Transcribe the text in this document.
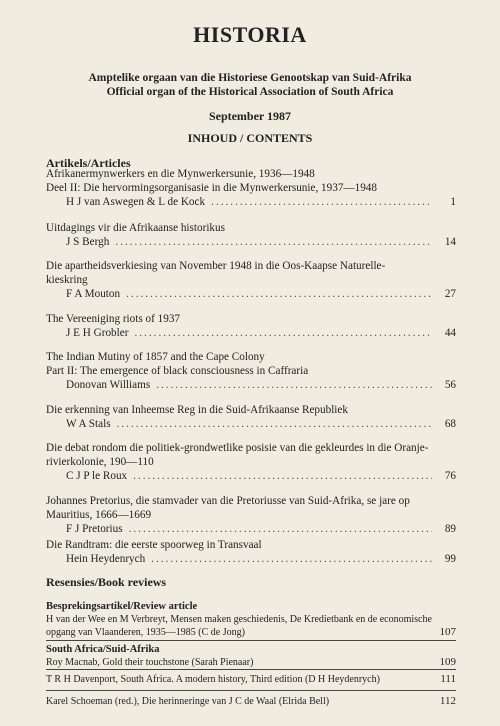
HISTORIA
Amptelike orgaan van die Historiese Genootskap van Suid-Afrika
Official organ of the Historical Association of South Africa
September 1987
INHOUD / CONTENTS
Artikels/Articles
Afrikanermynwerkers en die Mynwerkersunie, 1936—1948
Deel II: Die hervormingsorganisasie in die Mynwerkersunie, 1937—1948
H J van Aswegen & L de Kock .....	1
Uitdagings vir die Afrikaanse historikus
J S Bergh .....	14
Die apartheidsverkiesing van November 1948 in die Oos-Kaapse Naturelle-
kieskring
F A Mouton .....	27
The Vereeniging riots of 1937
J E H Grobler .....	44
The Indian Mutiny of 1857 and the Cape Colony
Part II: The emergence of black consciousness in Caffraria
Donovan Williams .....	56
Die erkenning van Inheemse Reg in die Suid-Afrikaanse Republiek
W A Stals .....	68
Die debat rondom die politiek-grondwetlike posisie van die gekleurdes in die Oranje-
rivierkolonie, 190—110
C J P le Roux .....	76
Johannes Pretorius, die stamvader van die Pretoriusse van Suid-Afrika, se jare op
Mauritius, 1666—1669
F J Pretorius .....	89
Die Randtram: die eerste spoorweg in Transvaal
Hein Heydenrych .....	99
Resensies/Book reviews
Besprekingsartikel/Review article
H van der Wee en M Verbreyt, Mensen maken geschiedenis, De Kredietbank en de economische
opgang van Vlaanderen, 1935—1985 (C de Jong)	107
South Africa/Suid-Afrika
Roy Macnab, Gold their touchstone (Sarah Pienaar)	109
T R H Davenport, South Africa. A modern history, Third edition (D H Heydenrych)	111
Karel Schoeman (red.), Die herinneringe van J C de Waal (Elrida Bell)	112
